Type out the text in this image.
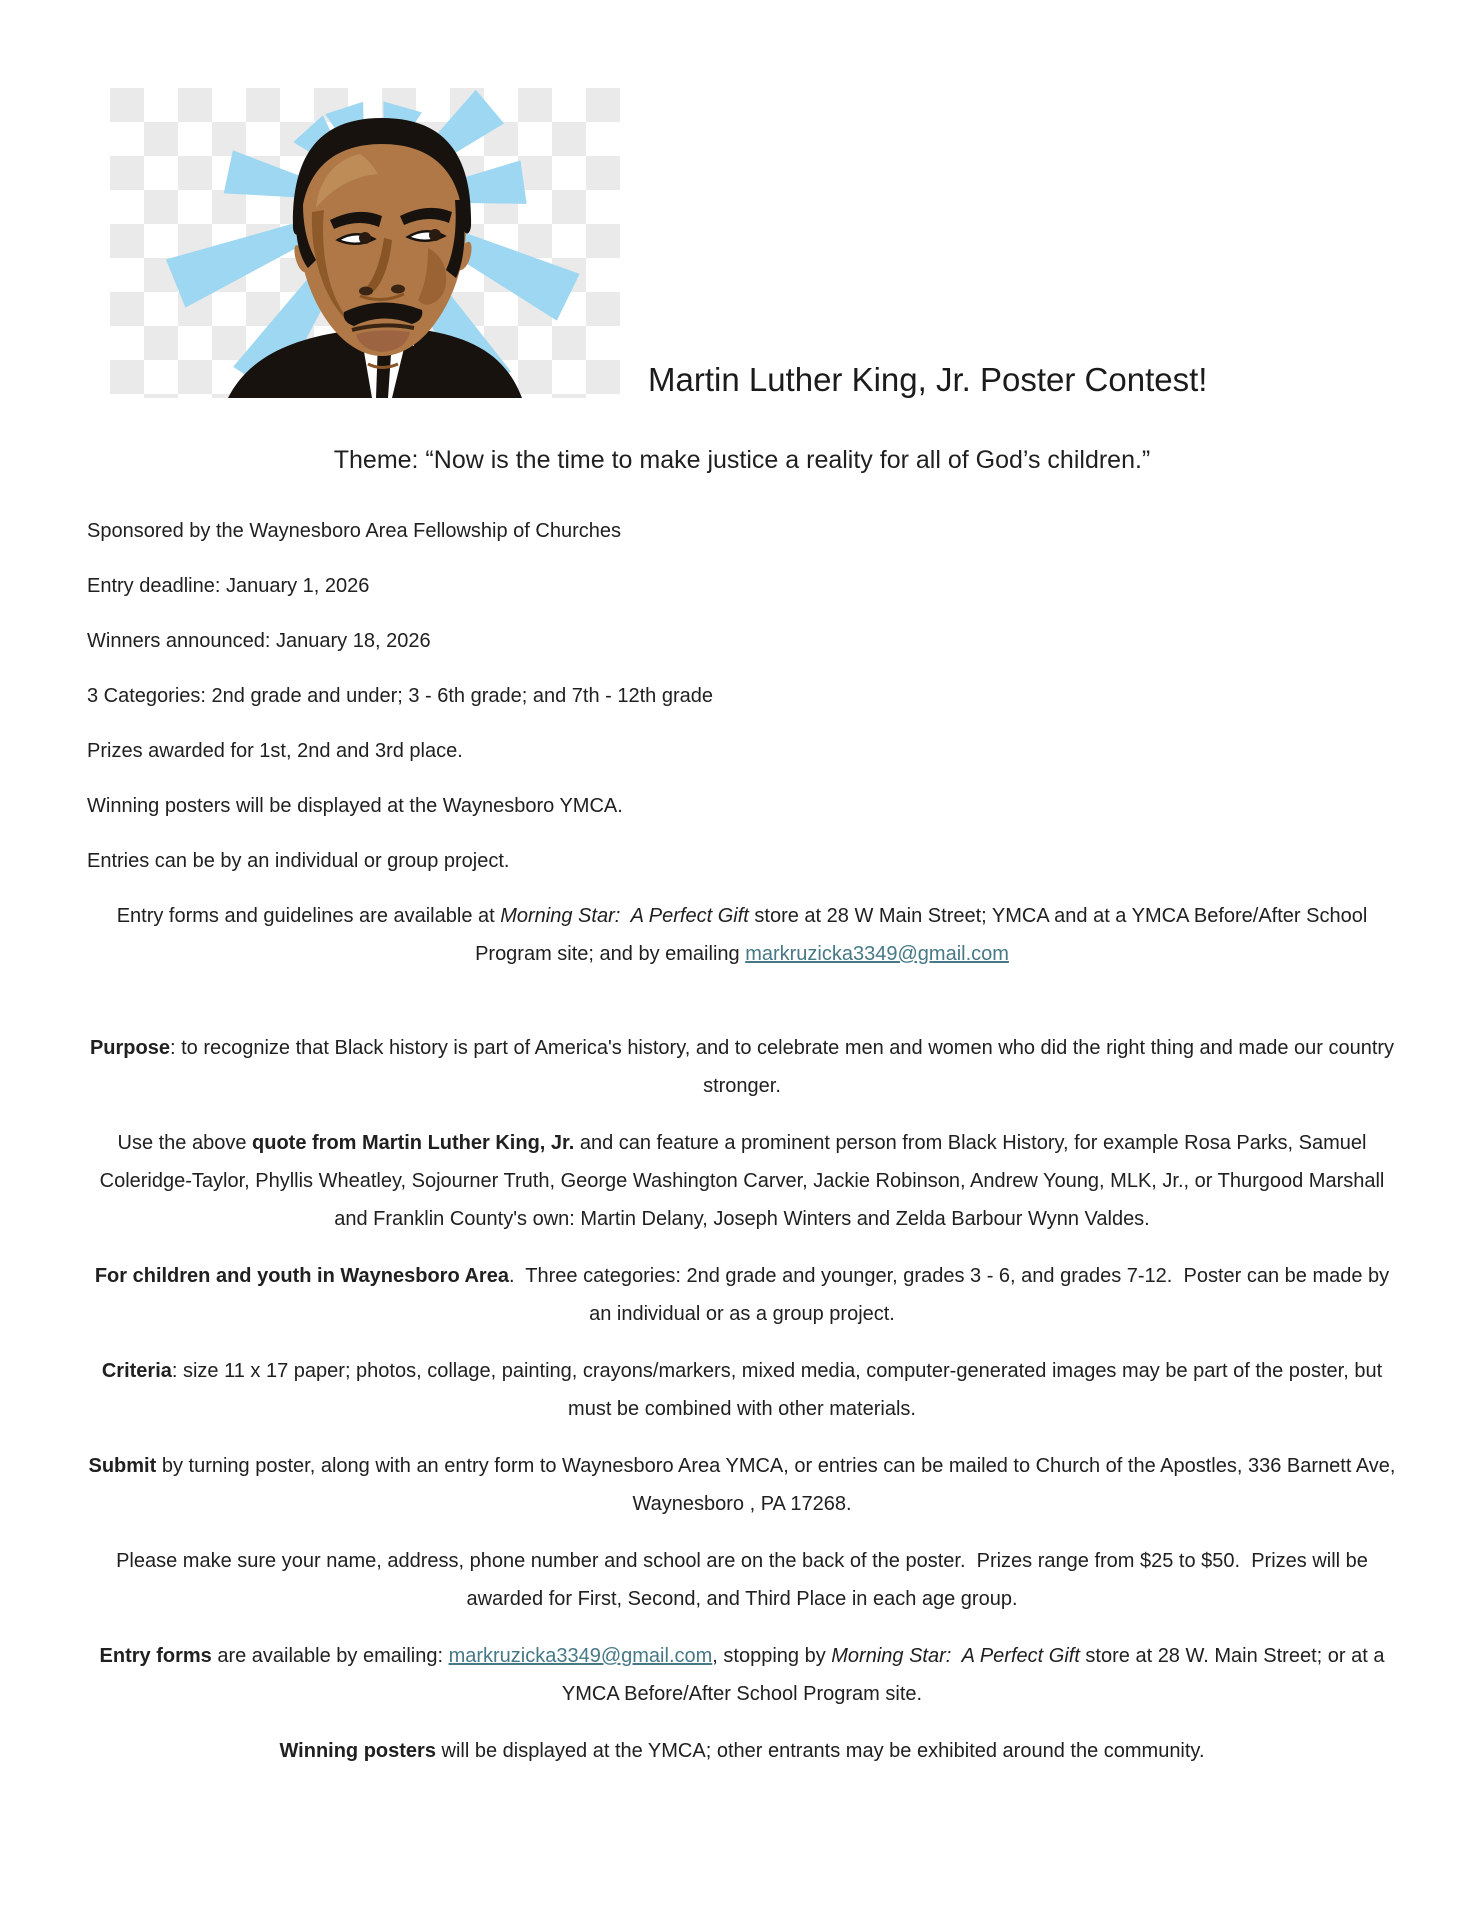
Martin Luther King, Jr. Poster Contest!

Theme: “Now is the time to make justice a reality for all of God’s children.”

Sponsored by the Waynesboro Area Fellowship of Churches

Entry deadline: January 1, 2026

Winners announced: January 18, 2026

3 Categories: 2nd grade and under; 3 - 6th grade; and 7th - 12th grade

Prizes awarded for 1st, 2nd and 3rd place.

Winning posters will be displayed at the Waynesboro YMCA.

Entries can be by an individual or group project.

Entry forms and guidelines are available at Morning Star:  A Perfect Gift store at 28 W Main Street; YMCA and at a YMCA Before/After School Program site; and by emailing markruzicka3349@gmail.com

Purpose: to recognize that Black history is part of America's history, and to celebrate men and women who did the right thing and made our country stronger.

Use the above quote from Martin Luther King, Jr. and can feature a prominent person from Black History, for example Rosa Parks, Samuel Coleridge-Taylor, Phyllis Wheatley, Sojourner Truth, George Washington Carver, Jackie Robinson, Andrew Young, MLK, Jr., or Thurgood Marshall and Franklin County's own: Martin Delany, Joseph Winters and Zelda Barbour Wynn Valdes.

For children and youth in Waynesboro Area.  Three categories: 2nd grade and younger, grades 3 - 6, and grades 7-12.  Poster can be made by an individual or as a group project.

Criteria: size 11 x 17 paper; photos, collage, painting, crayons/markers, mixed media, computer-generated images may be part of the poster, but must be combined with other materials.

Submit by turning poster, along with an entry form to Waynesboro Area YMCA, or entries can be mailed to Church of the Apostles, 336 Barnett Ave, Waynesboro , PA 17268.

Please make sure your name, address, phone number and school are on the back of the poster.  Prizes range from $25 to $50.  Prizes will be awarded for First, Second, and Third Place in each age group.

Entry forms are available by emailing: markruzicka3349@gmail.com, stopping by Morning Star:  A Perfect Gift store at 28 W. Main Street; or at a YMCA Before/After School Program site.

Winning posters will be displayed at the YMCA; other entrants may be exhibited around the community.
